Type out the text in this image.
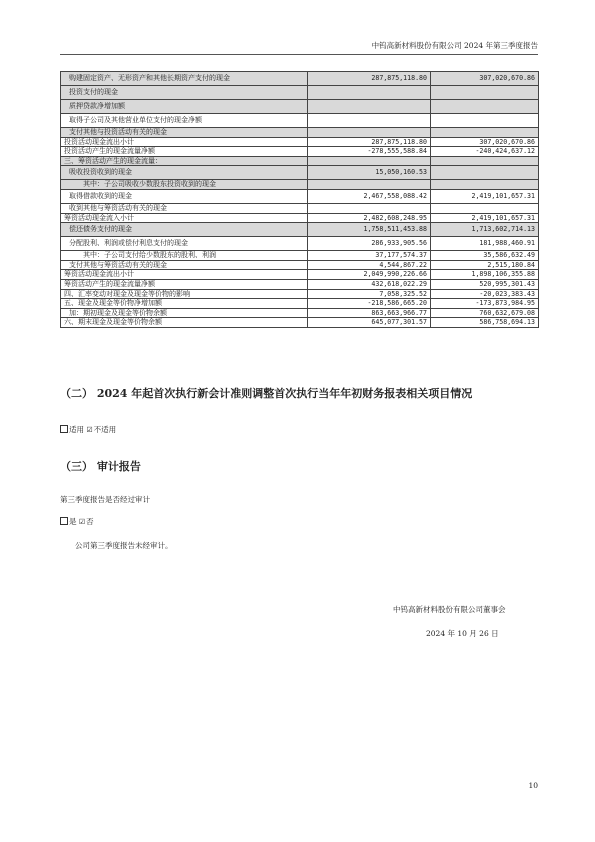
中钨高新材料股份有限公司 2024 年第三季度报告
购建固定资产、无形资产和其他长期资产支付的现金	287,875,118.80	307,020,670.86
投资支付的现金		
质押贷款净增加额		
取得子公司及其他营业单位支付的现金净额		
支付其他与投资活动有关的现金		
投资活动现金流出小计	287,875,118.80	307,020,670.86
投资活动产生的现金流量净额	-278,555,588.84	-240,424,637.12
三、筹资活动产生的现金流量：		
吸收投资收到的现金	15,050,160.53	
其中：子公司吸收少数股东投资收到的现金		
取得借款收到的现金	2,467,558,088.42	2,419,101,657.31
收到其他与筹资活动有关的现金		
筹资活动现金流入小计	2,482,608,248.95	2,419,101,657.31
偿还债务支付的现金	1,758,511,453.88	1,713,602,714.13
分配股利、利润或偿付利息支付的现金	286,933,905.56	181,988,460.91
其中：子公司支付给少数股东的股利、利润	37,177,574.37	35,586,632.49
支付其他与筹资活动有关的现金	4,544,867.22	2,515,180.84
筹资活动现金流出小计	2,049,990,226.66	1,898,106,355.88
筹资活动产生的现金流量净额	432,618,022.29	520,995,301.43
四、汇率变动对现金及现金等价物的影响	7,058,325.52	-20,023,383.43
五、现金及现金等价物净增加额	-218,586,665.20	-173,873,984.95
加：期初现金及现金等价物余额	863,663,966.77	760,632,679.08
六、期末现金及现金等价物余额	645,077,301.57	586,758,694.13
（二） 2024 年起首次执行新会计准则调整首次执行当年年初财务报表相关项目情况
适用 ☑不适用
（三） 审计报告
第三季度报告是否经过审计
是 ☑否
公司第三季度报告未经审计。
中钨高新材料股份有限公司董事会
2024 年 10 月 26 日
10
